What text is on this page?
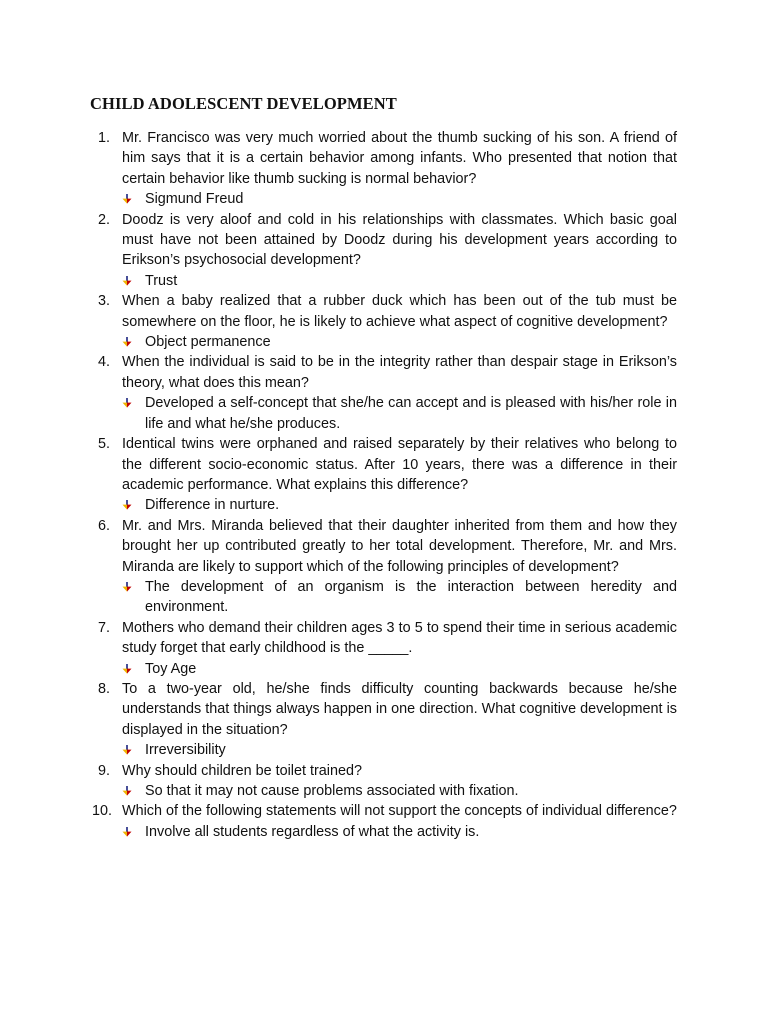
CHILD ADOLESCENT DEVELOPMENT
1. Mr. Francisco was very much worried about the thumb sucking of his son. A friend of him says that it is a certain behavior among infants. Who presented that notion that certain behavior like thumb sucking is normal behavior?
Sigmund Freud
2. Doodz is very aloof and cold in his relationships with classmates. Which basic goal must have not been attained by Doodz during his development years according to Erikson’s psychosocial development?
Trust
3. When a baby realized that a rubber duck which has been out of the tub must be somewhere on the floor, he is likely to achieve what aspect of cognitive development?
Object permanence
4. When the individual is said to be in the integrity rather than despair stage in Erikson’s theory, what does this mean?
Developed a self-concept that she/he can accept and is pleased with his/her role in life and what he/she produces.
5. Identical twins were orphaned and raised separately by their relatives who belong to the different socio-economic status. After 10 years, there was a difference in their academic performance. What explains this difference?
Difference in nurture.
6. Mr. and Mrs. Miranda believed that their daughter inherited from them and how they brought her up contributed greatly to her total development. Therefore, Mr. and Mrs. Miranda are likely to support which of the following principles of development?
The development of an organism is the interaction between heredity and environment.
7. Mothers who demand their children ages 3 to 5 to spend their time in serious academic study forget that early childhood is the _____.
Toy Age
8. To a two-year old, he/she finds difficulty counting backwards because he/she understands that things always happen in one direction. What cognitive development is displayed in the situation?
Irreversibility
9. Why should children be toilet trained?
So that it may not cause problems associated with fixation.
10. Which of the following statements will not support the concepts of individual difference?
Involve all students regardless of what the activity is.
